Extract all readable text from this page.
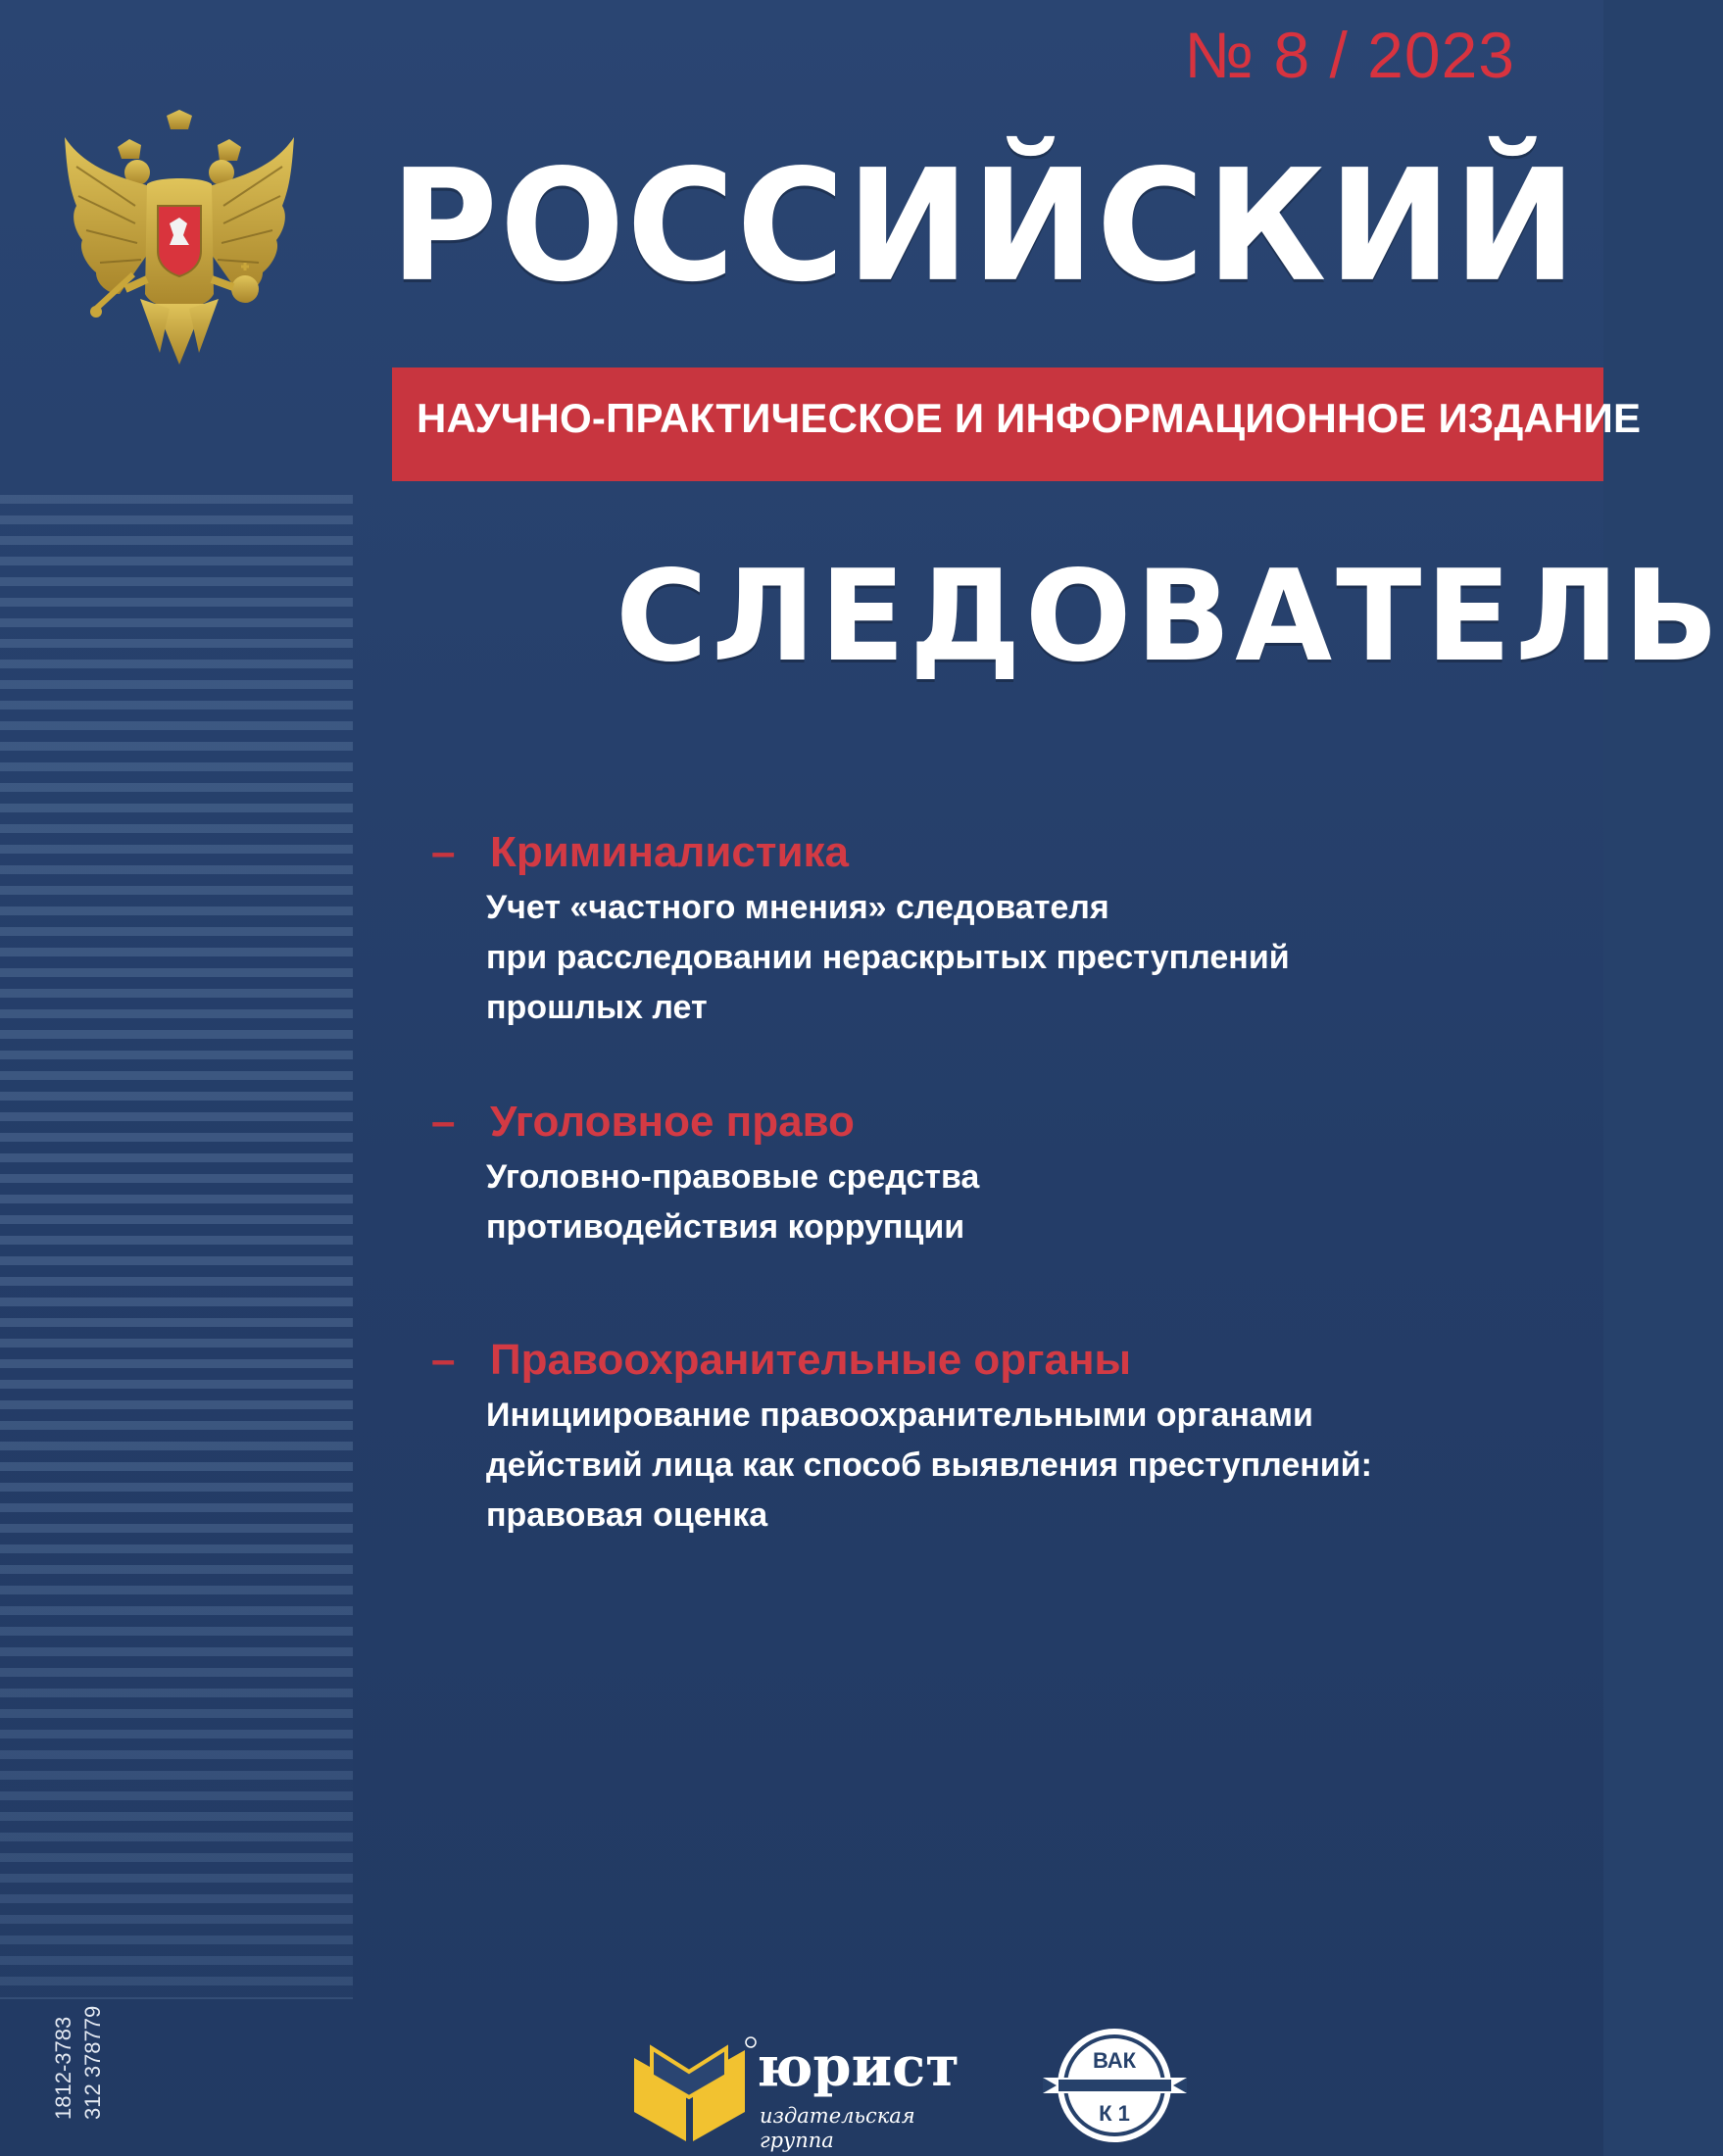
№ 8 / 2023
РОССИЙСКИЙ
НАУЧНО-ПРАКТИЧЕСКОЕ И ИНФОРМАЦИОННОЕ ИЗДАНИЕ
СЛЕДОВАТЕЛЬ
– Криминалистика
Учет «частного мнения» следователя
при расследовании нераскрытых преступлений
прошлых лет
– Уголовное право
Уголовно-правовые средства
противодействия коррупции
– Правоохранительные органы
Инициирование правоохранительными органами
действий лица как способ выявления преступлений:
правовая оценка
юрист
издательская
группа
ВАК
К 1
1812-3783 312 378779
